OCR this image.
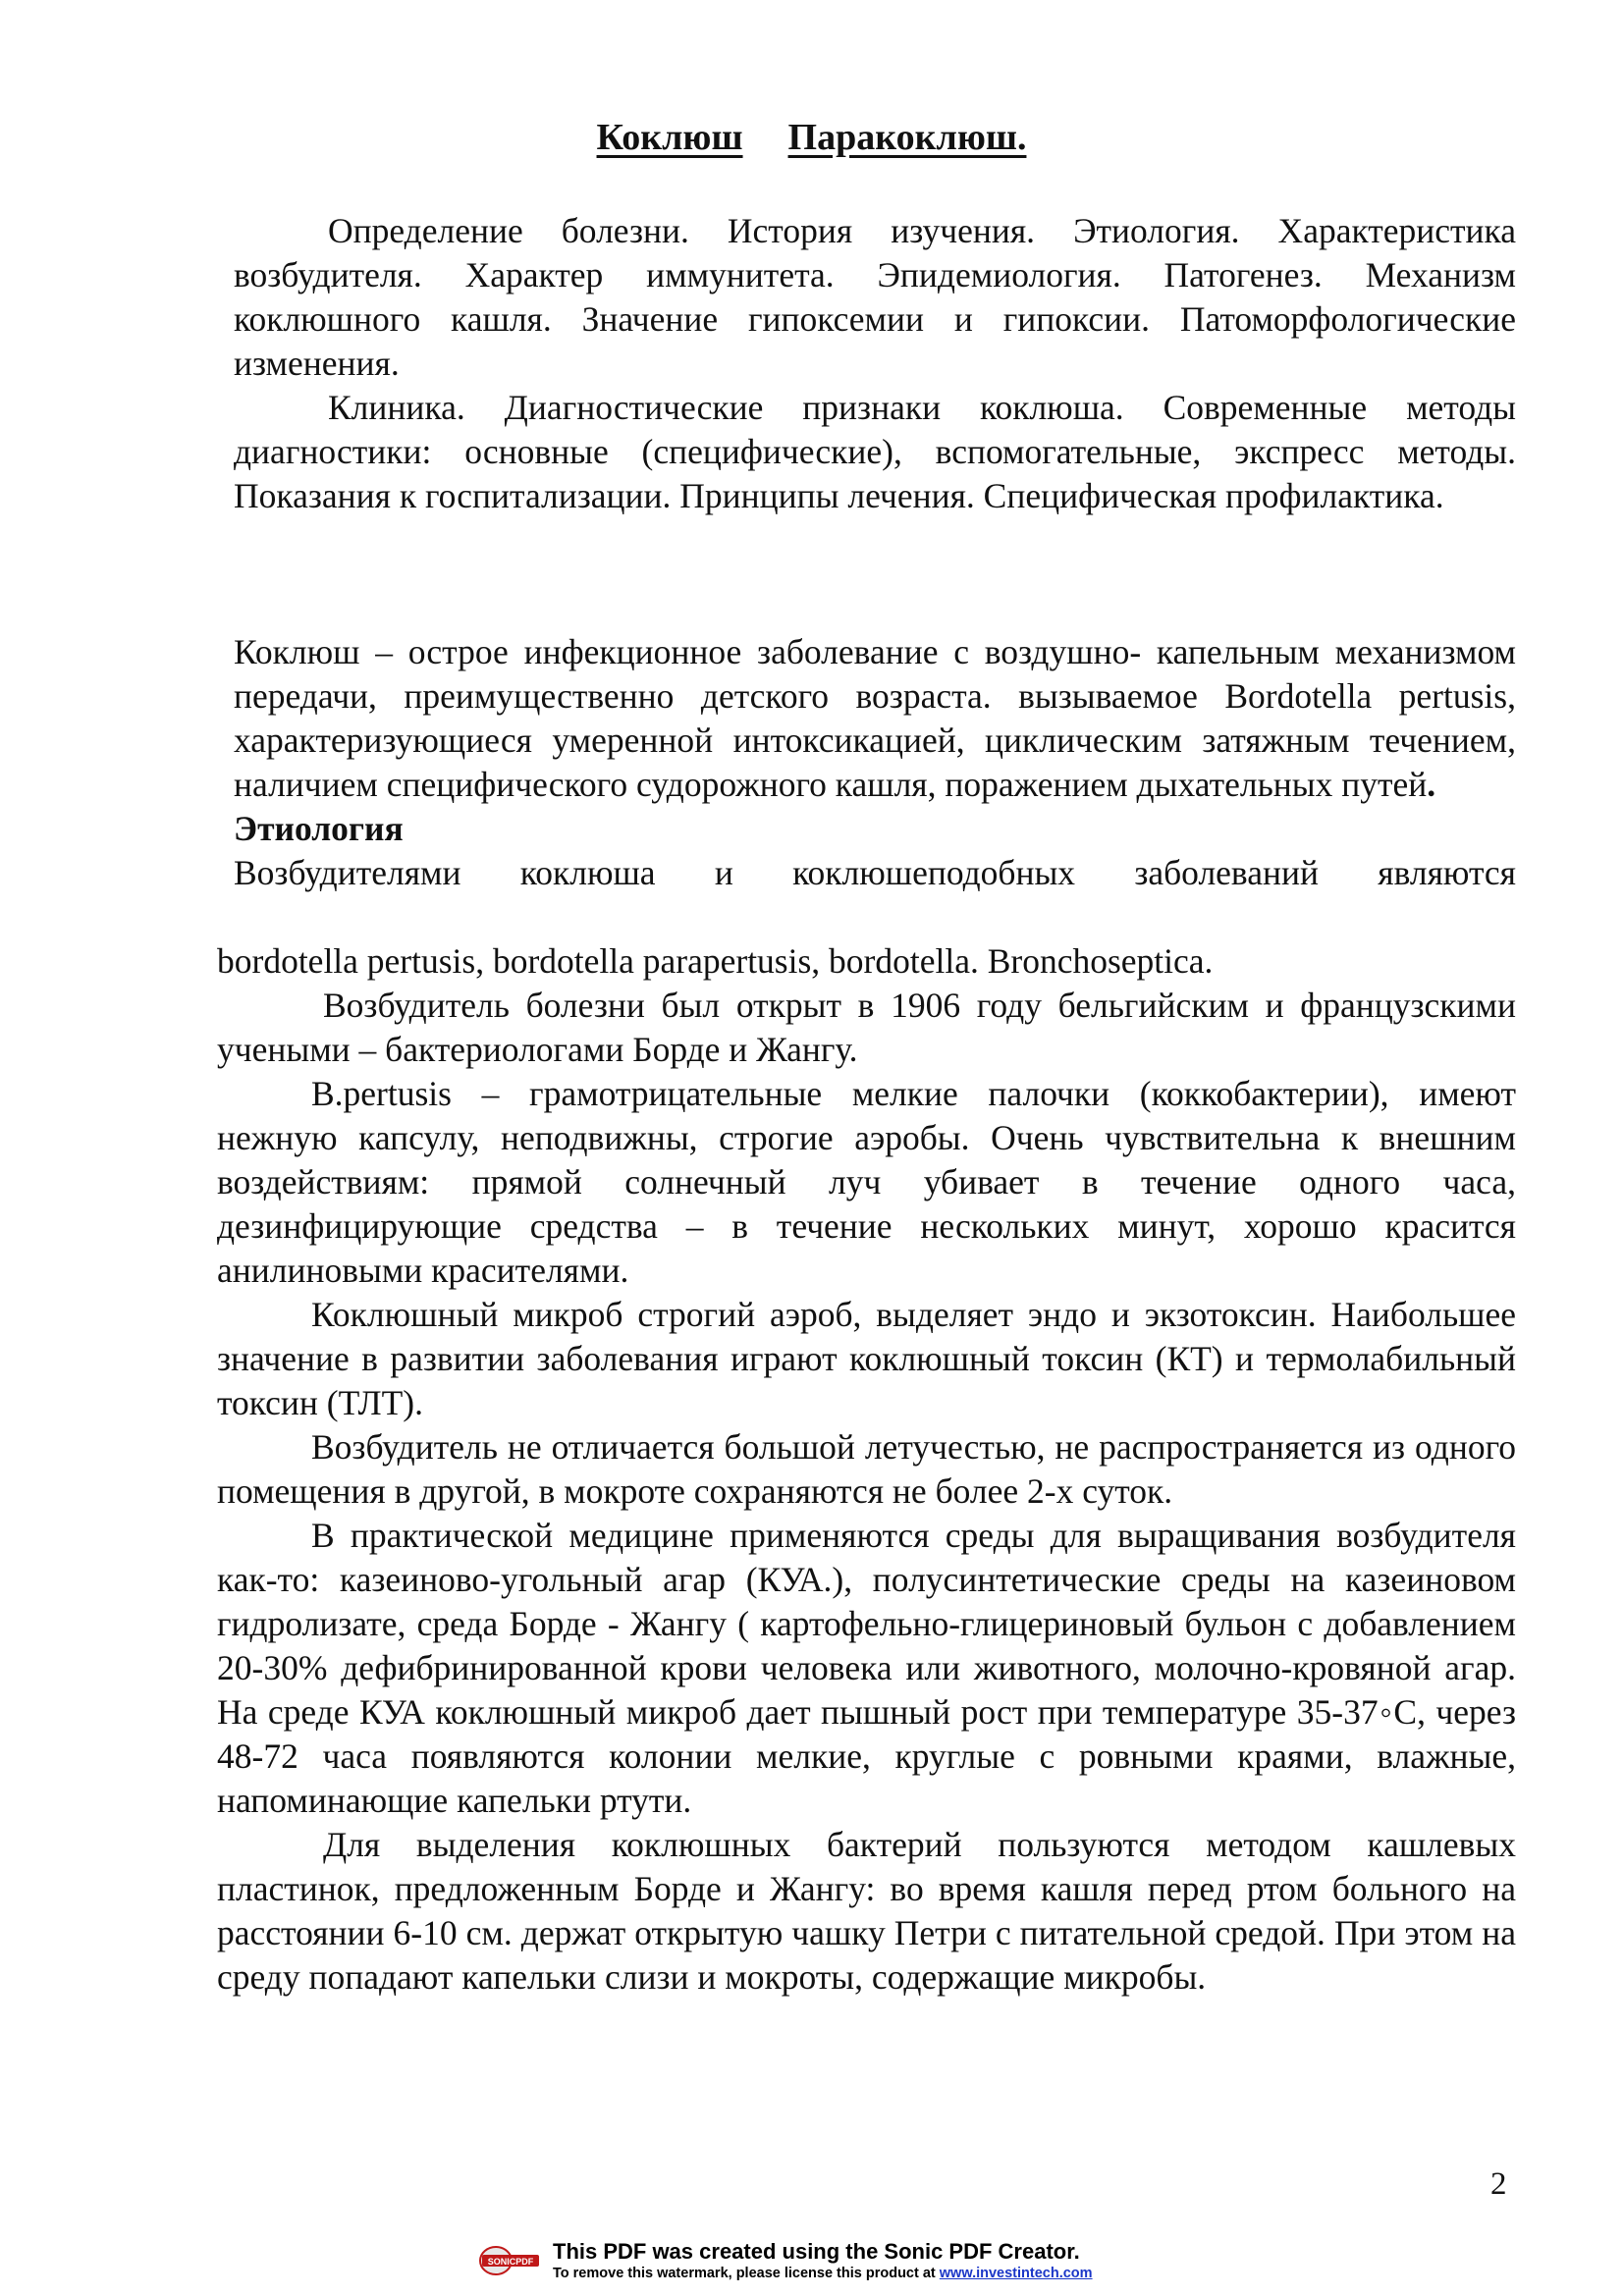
Коклюш Паракоклюш.

Определение болезни. История изучения. Этиология. Характеристика возбудителя. Характер иммунитета. Эпидемиология. Патогенез. Механизм коклюшного кашля. Значение гипоксемии и гипоксии. Патоморфологические изменения.

Клиника. Диагностические признаки коклюша. Современные методы диагностики: основные (специфические), вспомогательные, экспресс методы. Показания к госпитализации. Принципы лечения. Специфическая профилактика.

Коклюш – острое инфекционное заболевание с воздушно- капельным механизмом передачи, преимущественно детского возраста. вызываемое Bordotella pertusis, характеризующиеся умеренной интоксикацией, циклическим затяжным течением, наличием специфического судорожного кашля, поражением дыхательных путей.

Этиология

Возбудителями коклюша и коклюшеподобных заболеваний являются

bordotella pertusis, bordotella parapertusis, bordotella. Bronchoseptica.

Возбудитель болезни был открыт в 1906 году бельгийским и французскими учеными – бактериологами Борде и Жангу.

B.pertusis – грамотрицательные мелкие палочки (коккобактерии), имеют нежную капсулу, неподвижны, строгие аэробы. Очень чувствительна к внешним воздействиям: прямой солнечный луч убивает в течение одного часа, дезинфицирующие средства – в течение нескольких минут, хорошо красится анилиновыми красителями.

Коклюшный микроб строгий аэроб, выделяет эндо и экзотоксин. Наибольшее значение в развитии заболевания играют коклюшный токсин (КТ) и термолабильный токсин (ТЛТ).

Возбудитель не отличается большой летучестью, не распространяется из одного помещения в другой, в мокроте сохраняются не более 2-х суток.

В практической медицине применяются среды для выращивания возбудителя как-то: казеиново-угольный агар (КУА.), полусинтетические среды на казеиновом гидролизате, среда Борде - Жангу ( картофельно-глицериновый бульон с добавлением 20-30% дефибринированной крови человека или животного, молочно-кровяной агар. На среде КУА коклюшный микроб дает пышный рост при температуре 35-37◦С, через 48-72 часа появляются колонии мелкие, круглые с ровными краями, влажные, напоминающие капельки ртути.

Для выделения коклюшных бактерий пользуются методом кашлевых пластинок, предложенным Борде и Жангу: во время кашля перед ртом больного на расстоянии 6-10 см. держат открытую чашку Петри с питательной средой. При этом на среду попадают капельки слизи и мокроты, содержащие микробы.

2
SONICPDF This PDF was created using the Sonic PDF Creator.
To remove this watermark, please license this product at www.investintech.com
